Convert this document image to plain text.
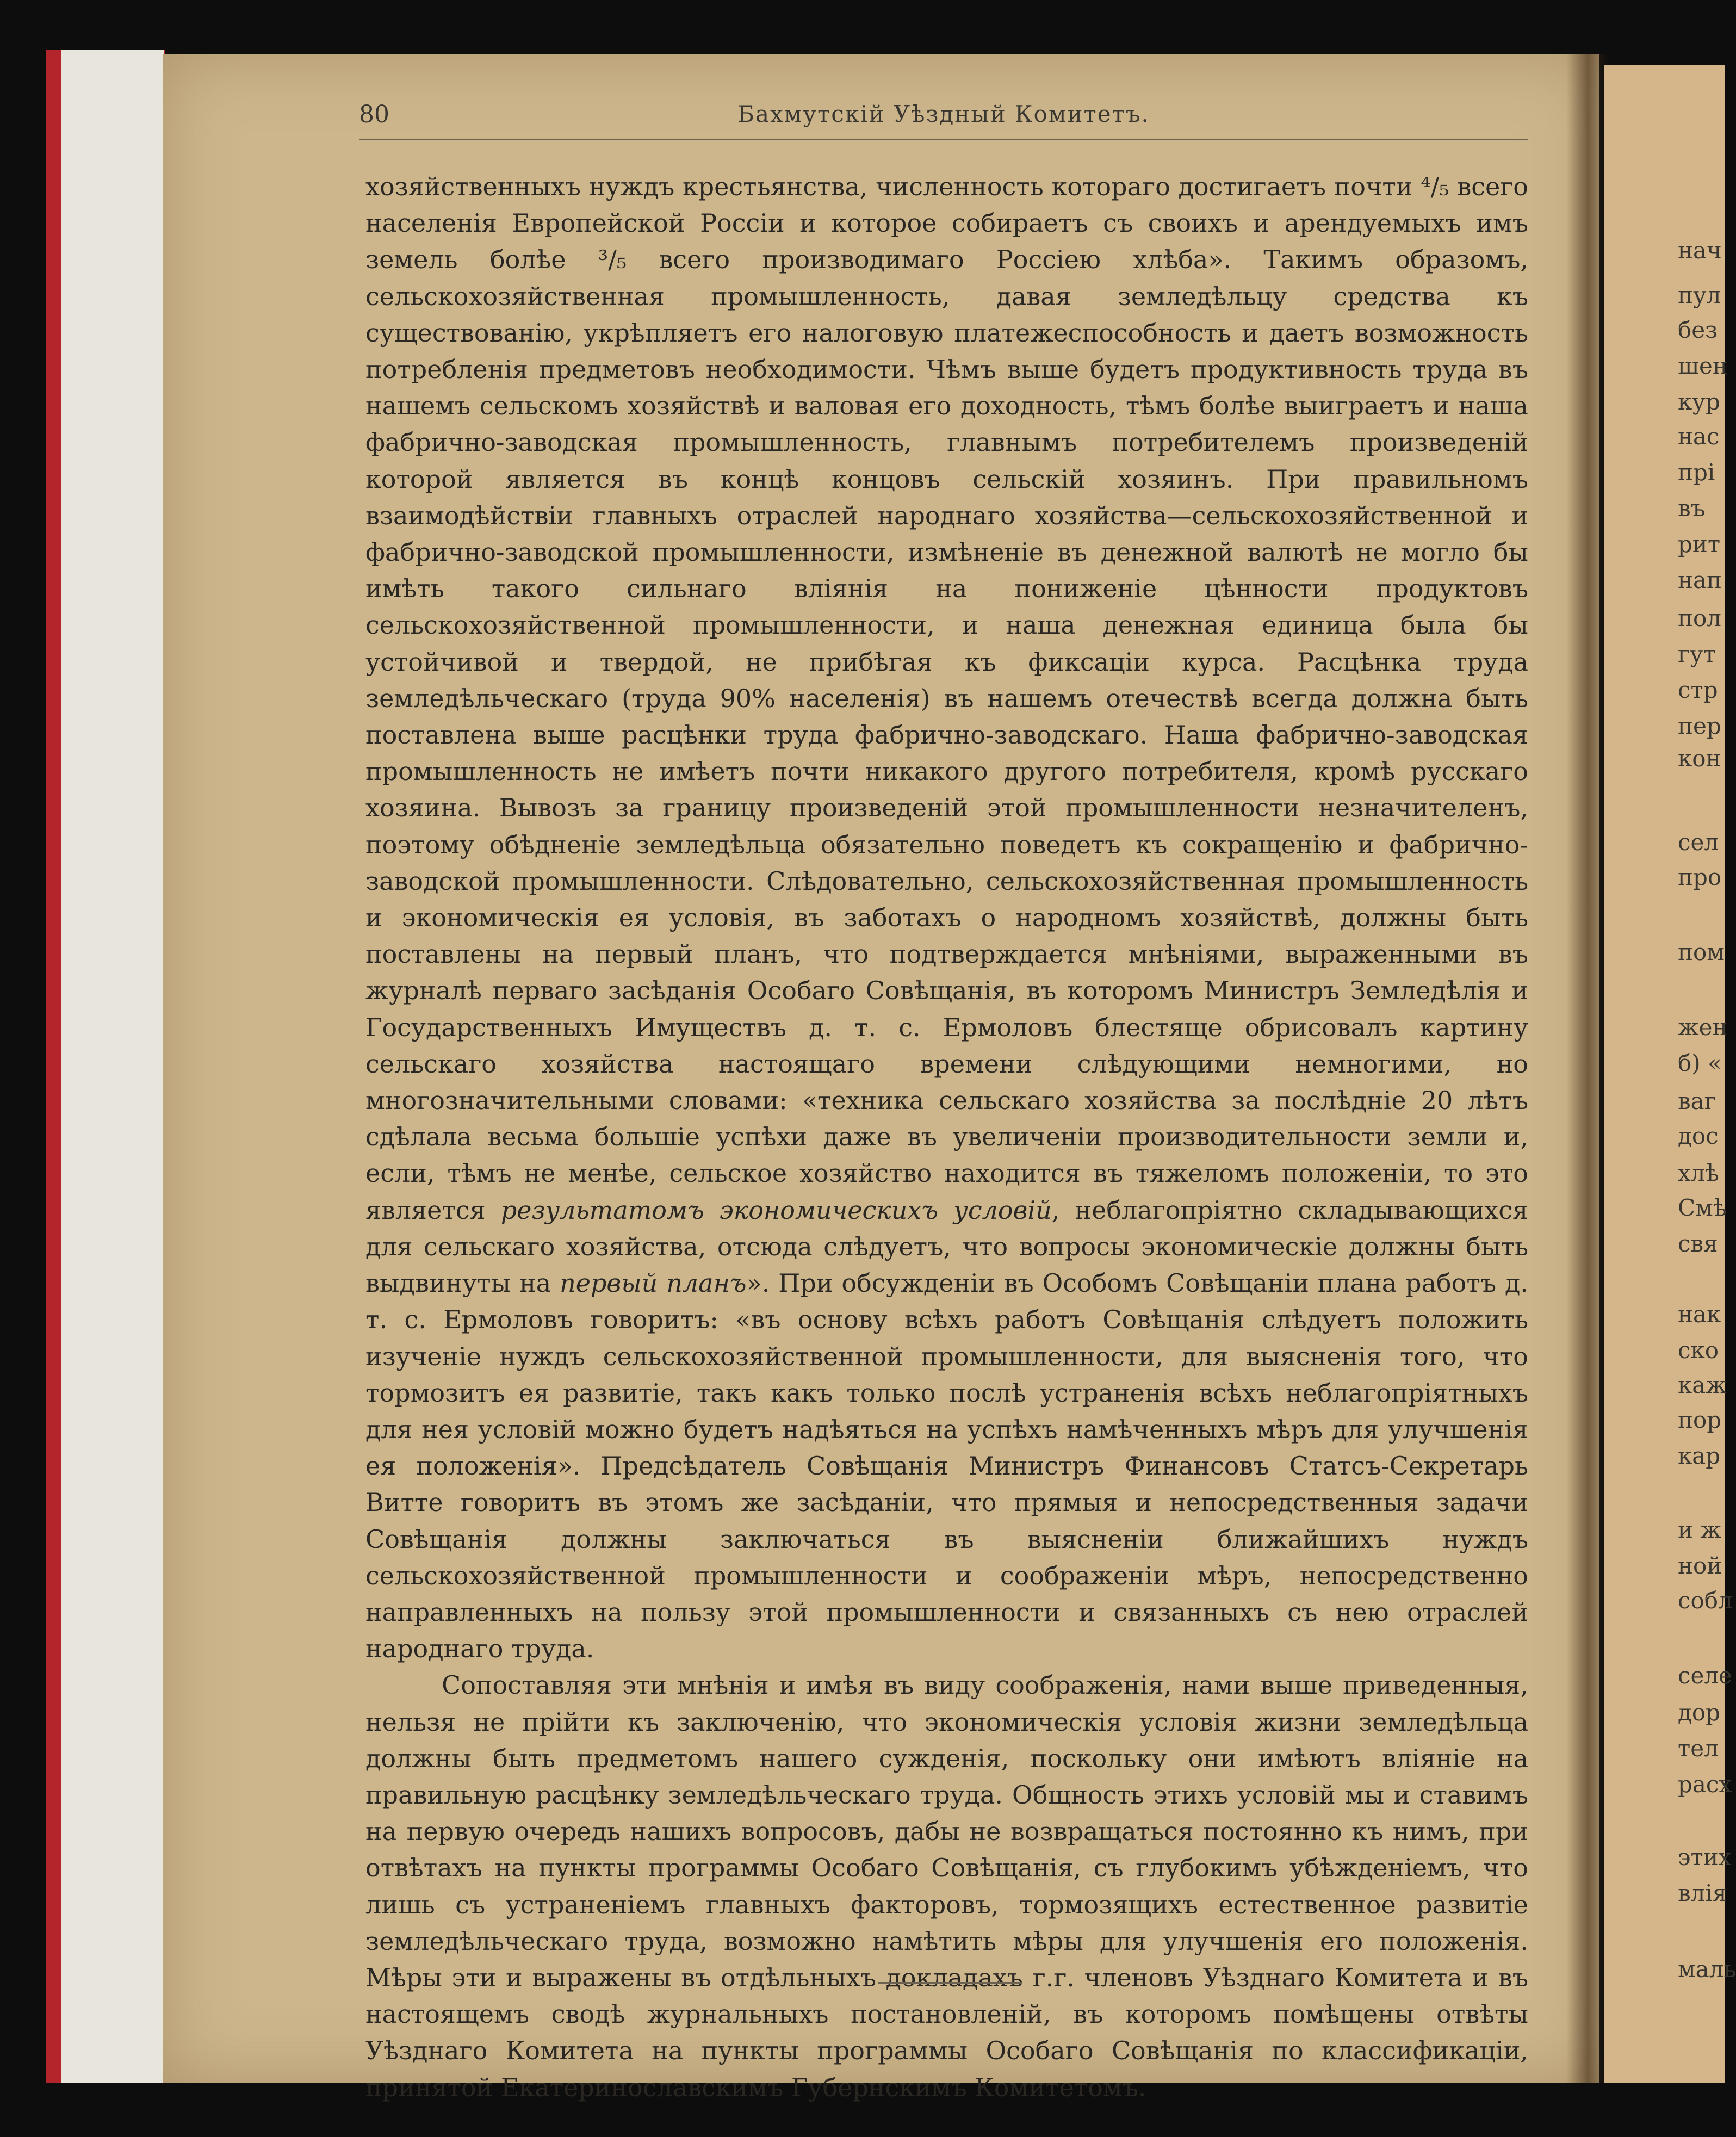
80	Бахмутскій Уѣздный Комитетъ.

хозяйственныхъ нуждъ крестьянства, численность котораго достигаетъ почти ⁴/₅ всего населенія Европейской Россіи и которое собираетъ съ своихъ и арендуемыхъ имъ земель болѣе ³/₅ всего производимаго Россіею хлѣба». Такимъ образомъ, сельскохозяйственная промышленность, давая земледѣльцу средства къ существованію, укрѣпляетъ его налоговую платежеспособность и даетъ возможность потребленія предметовъ необходимости. Чѣмъ выше будетъ продуктивность труда въ нашемъ сельскомъ хозяйствѣ и валовая его доходность, тѣмъ болѣе выиграетъ и наша фабрично-заводская промышленность, главнымъ потребителемъ произведеній которой является въ концѣ концовъ сельскій хозяинъ. При правильномъ взаимодѣйствіи главныхъ отраслей народнаго хозяйства—сельскохозяйственной и фабрично-заводской промышленности, измѣненіе въ денежной валютѣ не могло бы имѣть такого сильнаго вліянія на пониженіе цѣнности продуктовъ сельскохозяйственной промышленности, и наша денежная единица была бы устойчивой и твердой, не прибѣгая къ фиксаціи курса. Расцѣнка труда земледѣльческаго (труда 90% населенія) въ нашемъ отечествѣ всегда должна быть поставлена выше расцѣнки труда фабрично-заводскаго. Наша фабрично-заводская промышленность не имѣетъ почти никакого другого потребителя, кромѣ русскаго хозяина. Вывозъ за границу произведеній этой промышленности незначителенъ, поэтому обѣдненіе земледѣльца обязательно поведетъ къ сокращенію и фабрично-заводской промышленности. Слѣдовательно, сельскохозяйственная промышленность и экономическія ея условія, въ заботахъ о народномъ хозяйствѣ, должны быть поставлены на первый планъ, что подтверждается мнѣніями, выраженными въ журналѣ перваго засѣданія Особаго Совѣщанія, въ которомъ Министръ Земледѣлія и Государственныхъ Имуществъ д. т. с. Ермоловъ блестяще обрисовалъ картину сельскаго хозяйства настоящаго времени слѣдующими немногими, но многозначительными словами: «техника сельскаго хозяйства за послѣдніе 20 лѣтъ сдѣлала весьма большіе успѣхи даже въ увеличеніи производительности земли и, если, тѣмъ не менѣе, сельское хозяйство находится въ тяжеломъ положеніи, то это является результатомъ экономическихъ условій, неблагопріятно складывающихся для сельскаго хозяйства, отсюда слѣдуетъ, что вопросы экономическіе должны быть выдвинуты на первый планъ». При обсужденіи въ Особомъ Совѣщаніи плана работъ д. т. с. Ермоловъ говоритъ: «въ основу всѣхъ работъ Совѣщанія слѣдуетъ положить изученіе нуждъ сельскохозяйственной промышленности, для выясненія того, что тормозитъ ея развитіе, такъ какъ только послѣ устраненія всѣхъ неблагопріятныхъ для нея условій можно будетъ надѣяться на успѣхъ намѣченныхъ мѣръ для улучшенія ея положенія». Предсѣдатель Совѣщанія Министръ Финансовъ Статсъ-Секретарь Витте говоритъ въ этомъ же засѣданіи, что прямыя и непосредственныя задачи Совѣщанія должны заключаться въ выясненіи ближайшихъ нуждъ сельскохозяйственной промышленности и соображеніи мѣръ, непосредственно направленныхъ на пользу этой промышленности и связанныхъ съ нею отраслей народнаго труда.

Сопоставляя эти мнѣнія и имѣя въ виду соображенія, нами выше приведенныя, нельзя не прійти къ заключенію, что экономическія условія жизни земледѣльца должны быть предметомъ нашего сужденія, поскольку они имѣютъ вліяніе на правильную расцѣнку земледѣльческаго труда. Общность этихъ условій мы и ставимъ на первую очередь нашихъ вопросовъ, дабы не возвращаться постоянно къ нимъ, при отвѣтахъ на пункты программы Особаго Совѣщанія, съ глубокимъ убѣжденіемъ, что лишь съ устраненіемъ главныхъ факторовъ, тормозящихъ естественное развитіе земледѣльческаго труда, возможно намѣтить мѣры для улучшенія его положенія. Мѣры эти и выражены въ отдѣльныхъ докладахъ г.г. членовъ Уѣзднаго Комитета и въ настоящемъ сводѣ журнальныхъ постановленій, въ которомъ помѣщены отвѣты Уѣзднаго Комитета на пункты программы Особаго Совѣщанія по классификаціи, принятой Екатеринославскимъ Губернскимъ Комитетомъ.

нач
пул
без
шен
кур
нас
прі
въ
рит
нап
пол
гут
стр
пер
кон
сел
про
пом
жен
б) «
ваг
дос
хлѣ
Смѣ
свя
нак
ско
каж
пор
кар
и ж
ной
собл
селе
дор
тел
расх
этих
влія
маль
